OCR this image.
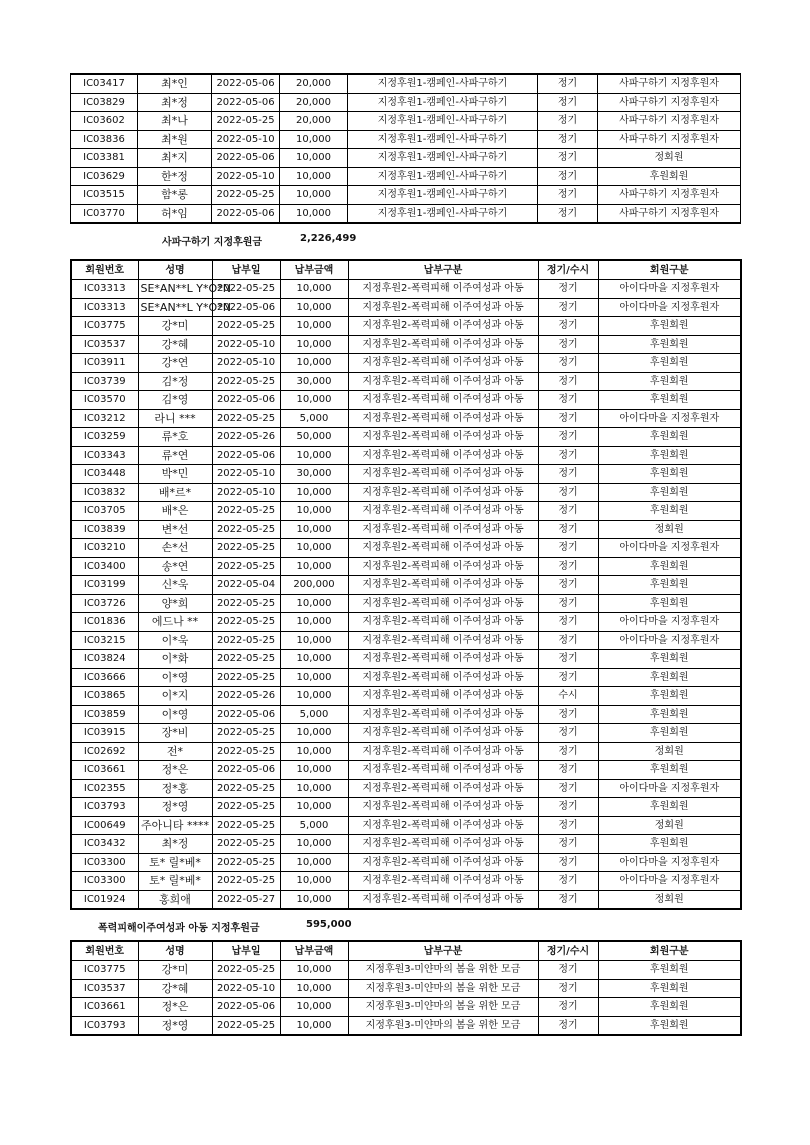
IC03417	최*인	2022-05-06	20,000	지정후원1-캠페인-사파구하기	정기	사파구하기 지정후원자
IC03829	최*정	2022-05-06	20,000	지정후원1-캠페인-사파구하기	정기	사파구하기 지정후원자
IC03602	최*나	2022-05-25	20,000	지정후원1-캠페인-사파구하기	정기	사파구하기 지정후원자
IC03836	최*원	2022-05-10	10,000	지정후원1-캠페인-사파구하기	정기	사파구하기 지정후원자
IC03381	최*지	2022-05-06	10,000	지정후원1-캠페인-사파구하기	정기	정회원
IC03629	한*정	2022-05-10	10,000	지정후원1-캠페인-사파구하기	정기	후원회원
IC03515	함*롱	2022-05-25	10,000	지정후원1-캠페인-사파구하기	정기	사파구하기 지정후원자
IC03770	허*임	2022-05-06	10,000	지정후원1-캠페인-사파구하기	정기	사파구하기 지정후원자
사파구하기 지정후원금	2,226,499
회원번호	성명	납부일	납부금액	납부구분	정기/수시	회원구분
IC03313	SE*AN**L Y*O*N	2022-05-25	10,000	지정후원2-폭력피해 이주여성과 아동	정기	아이다마을 지정후원자
IC03313	SE*AN**L Y*O*N	2022-05-06	10,000	지정후원2-폭력피해 이주여성과 아동	정기	아이다마을 지정후원자
IC03775	강*미	2022-05-25	10,000	지정후원2-폭력피해 이주여성과 아동	정기	후원회원
IC03537	강*혜	2022-05-10	10,000	지정후원2-폭력피해 이주여성과 아동	정기	후원회원
IC03911	강*연	2022-05-10	10,000	지정후원2-폭력피해 이주여성과 아동	정기	후원회원
IC03739	김*정	2022-05-25	30,000	지정후원2-폭력피해 이주여성과 아동	정기	후원회원
IC03570	김*영	2022-05-06	10,000	지정후원2-폭력피해 이주여성과 아동	정기	후원회원
IC03212	라니 ***	2022-05-25	5,000	지정후원2-폭력피해 이주여성과 아동	정기	아이다마을 지정후원자
IC03259	류*호	2022-05-26	50,000	지정후원2-폭력피해 이주여성과 아동	정기	후원회원
IC03343	류*연	2022-05-06	10,000	지정후원2-폭력피해 이주여성과 아동	정기	후원회원
IC03448	박*민	2022-05-10	30,000	지정후원2-폭력피해 이주여성과 아동	정기	후원회원
IC03832	배*르*	2022-05-10	10,000	지정후원2-폭력피해 이주여성과 아동	정기	후원회원
IC03705	배*은	2022-05-25	10,000	지정후원2-폭력피해 이주여성과 아동	정기	후원회원
IC03839	변*선	2022-05-25	10,000	지정후원2-폭력피해 이주여성과 아동	정기	정회원
IC03210	손*선	2022-05-25	10,000	지정후원2-폭력피해 이주여성과 아동	정기	아이다마을 지정후원자
IC03400	송*연	2022-05-25	10,000	지정후원2-폭력피해 이주여성과 아동	정기	후원회원
IC03199	신*욱	2022-05-04	200,000	지정후원2-폭력피해 이주여성과 아동	정기	후원회원
IC03726	양*희	2022-05-25	10,000	지정후원2-폭력피해 이주여성과 아동	정기	후원회원
IC01836	에드나 **	2022-05-25	10,000	지정후원2-폭력피해 이주여성과 아동	정기	아이다마을 지정후원자
IC03215	이*욱	2022-05-25	10,000	지정후원2-폭력피해 이주여성과 아동	정기	아이다마을 지정후원자
IC03824	이*화	2022-05-25	10,000	지정후원2-폭력피해 이주여성과 아동	정기	후원회원
IC03666	이*영	2022-05-25	10,000	지정후원2-폭력피해 이주여성과 아동	정기	후원회원
IC03865	이*지	2022-05-26	10,000	지정후원2-폭력피해 이주여성과 아동	수시	후원회원
IC03859	이*영	2022-05-06	5,000	지정후원2-폭력피해 이주여성과 아동	정기	후원회원
IC03915	장*비	2022-05-25	10,000	지정후원2-폭력피해 이주여성과 아동	정기	후원회원
IC02692	전*	2022-05-25	10,000	지정후원2-폭력피해 이주여성과 아동	정기	정회원
IC03661	정*은	2022-05-06	10,000	지정후원2-폭력피해 이주여성과 아동	정기	후원회원
IC02355	정*홍	2022-05-25	10,000	지정후원2-폭력피해 이주여성과 아동	정기	아이다마을 지정후원자
IC03793	정*영	2022-05-25	10,000	지정후원2-폭력피해 이주여성과 아동	정기	후원회원
IC00649	주아니타 ****	2022-05-25	5,000	지정후원2-폭력피해 이주여성과 아동	정기	정회원
IC03432	최*정	2022-05-25	10,000	지정후원2-폭력피해 이주여성과 아동	정기	후원회원
IC03300	토* 릴*베*	2022-05-25	10,000	지정후원2-폭력피해 이주여성과 아동	정기	아이다마을 지정후원자
IC03300	토* 릴*베*	2022-05-25	10,000	지정후원2-폭력피해 이주여성과 아동	정기	아이다마을 지정후원자
IC01924	홍희애	2022-05-27	10,000	지정후원2-폭력피해 이주여성과 아동	정기	정회원
폭력피해이주여성과 아동 지정후원금	595,000
회원번호	성명	납부일	납부금액	납부구분	정기/수시	회원구분
IC03775	강*미	2022-05-25	10,000	지정후원3-미얀마의 봄을 위한 모금	정기	후원회원
IC03537	강*혜	2022-05-10	10,000	지정후원3-미얀마의 봄을 위한 모금	정기	후원회원
IC03661	정*은	2022-05-06	10,000	지정후원3-미얀마의 봄을 위한 모금	정기	후원회원
IC03793	정*영	2022-05-25	10,000	지정후원3-미얀마의 봄을 위한 모금	정기	후원회원
